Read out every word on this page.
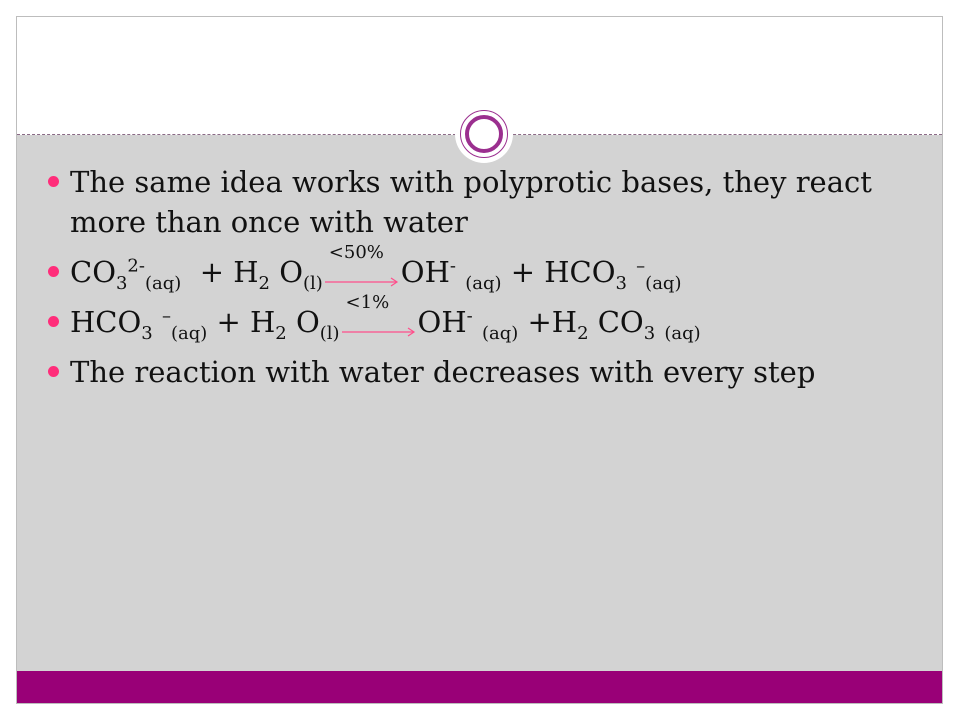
The same idea works with polyprotic bases, they react more than once with water
$CO_3^{2-}_{(aq)} + H_2$ $O_{(l)}$
<50%
OH- $_{(aq)} + HCO_3$ –$_{(aq)}$
$HCO_3$ $^-_{(aq)} + H_2$ $O_{(l)}$
<1%
OH- $_{(aq)} +H_2$ $CO_3$ $_{(aq)}$
The reaction with water decreases with every step
